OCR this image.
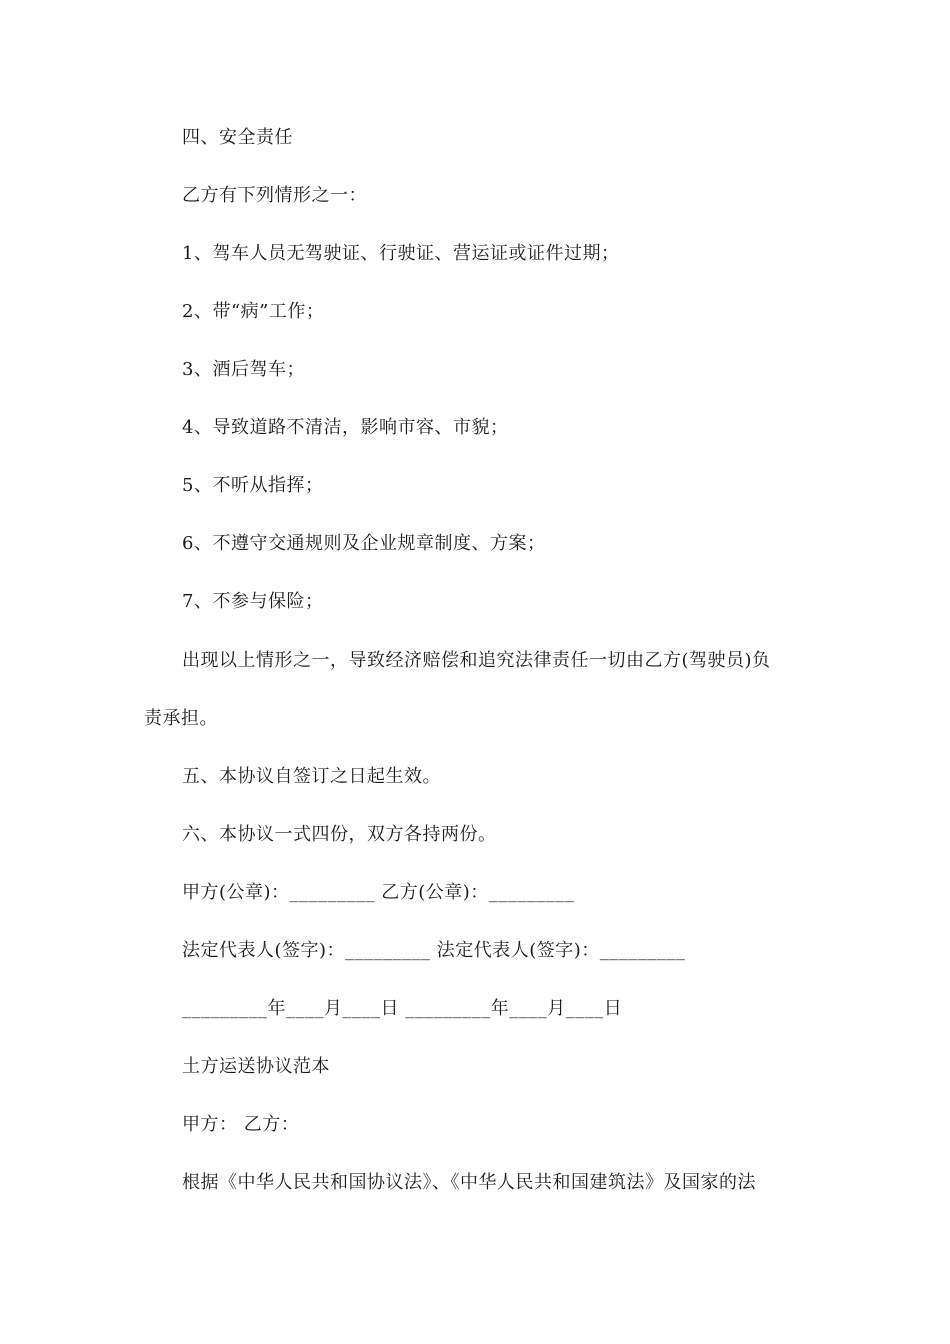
四、安全责任
乙方有下列情形之一：
1、驾车人员无驾驶证、行驶证、营运证或证件过期；
2、带“病”工作；
3、酒后驾车；
4、导致道路不清洁，影响市容、市貌；
5、不听从指挥；
6、不遵守交通规则及企业规章制度、方案；
7、不参与保险；
出现以上情形之一，导致经济赔偿和追究法律责任一切由乙方(驾驶员)负
责承担。
五、本协议自签订之日起生效。
六、本协议一式四份，双方各持两份。
甲方(公章)：_________ 乙方(公章)：_________
法定代表人(签字)：_________ 法定代表人(签字)：_________
_________年____月____日 _________年____月____日
土方运送协议范本
甲方： 乙方：
根据《中华人民共和国协议法》、《中华人民共和国建筑法》及国家的法
